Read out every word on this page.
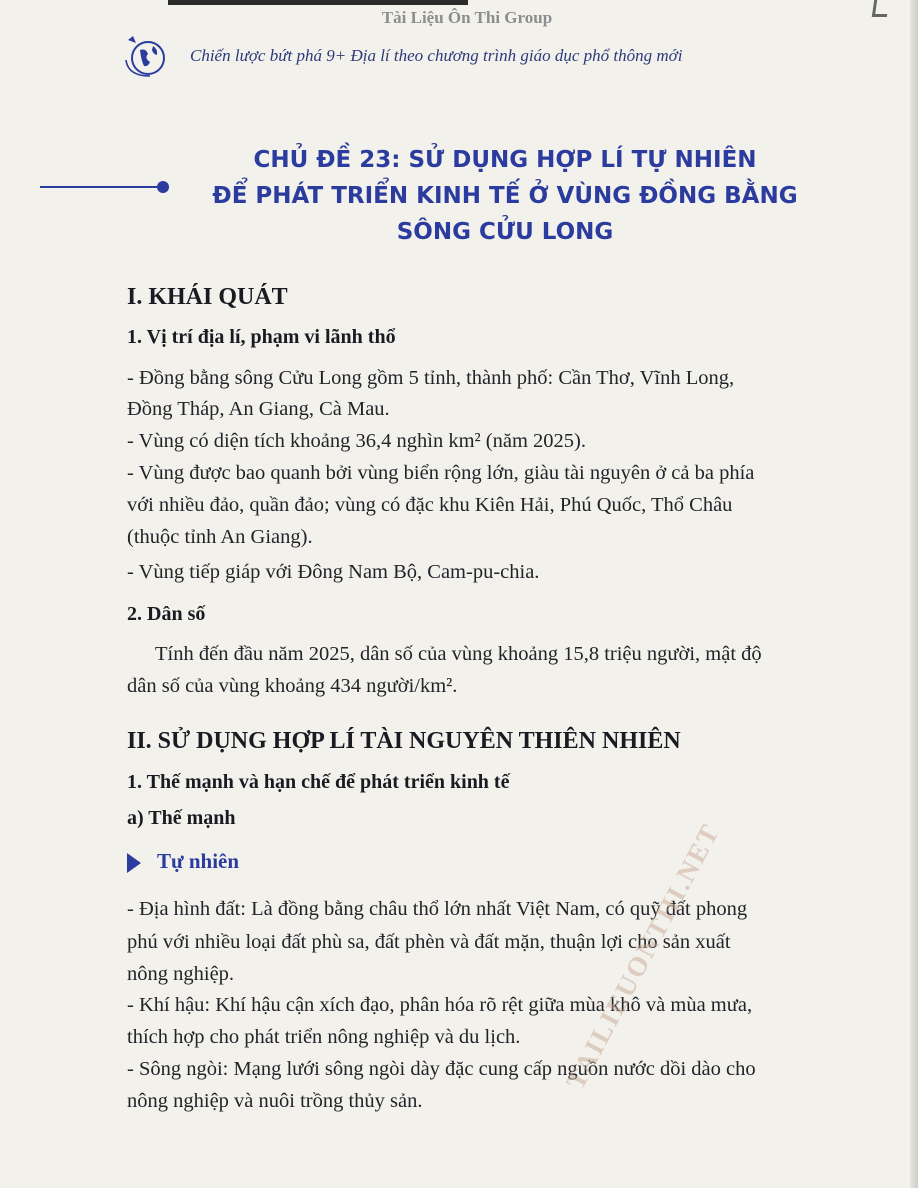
Tài Liệu Ôn Thi Group
Chiến lược bứt phá 9+ Địa lí theo chương trình giáo dục phổ thông mới
CHỦ ĐỀ 23: SỬ DỤNG HỢP LÍ TỰ NHIÊN
ĐỂ PHÁT TRIỂN KINH TẾ Ở VÙNG ĐỒNG BẰNG
SÔNG CỬU LONG
I. KHÁI QUÁT
1. Vị trí địa lí, phạm vi lãnh thổ
- Đồng bằng sông Cửu Long gồm 5 tỉnh, thành phố: Cần Thơ, Vĩnh Long,
Đồng Tháp, An Giang, Cà Mau.
- Vùng có diện tích khoảng 36,4 nghìn km² (năm 2025).
- Vùng được bao quanh bởi vùng biển rộng lớn, giàu tài nguyên ở cả ba phía
với nhiều đảo, quần đảo; vùng có đặc khu Kiên Hải, Phú Quốc, Thổ Châu
(thuộc tỉnh An Giang).
- Vùng tiếp giáp với Đông Nam Bộ, Cam-pu-chia.
2. Dân số
Tính đến đầu năm 2025, dân số của vùng khoảng 15,8 triệu người, mật độ
dân số của vùng khoảng 434 người/km².
II. SỬ DỤNG HỢP LÍ TÀI NGUYÊN THIÊN NHIÊN
1. Thế mạnh và hạn chế để phát triển kinh tế
a) Thế mạnh
Tự nhiên
- Địa hình đất: Là đồng bằng châu thổ lớn nhất Việt Nam, có quỹ đất phong
phú với nhiều loại đất phù sa, đất phèn và đất mặn, thuận lợi cho sản xuất
nông nghiệp.
- Khí hậu: Khí hậu cận xích đạo, phân hóa rõ rệt giữa mùa khô và mùa mưa,
thích hợp cho phát triển nông nghiệp và du lịch.
- Sông ngòi: Mạng lưới sông ngòi dày đặc cung cấp nguồn nước dồi dào cho
nông nghiệp và nuôi trồng thủy sản.
TAILIEUONTHI.NET
